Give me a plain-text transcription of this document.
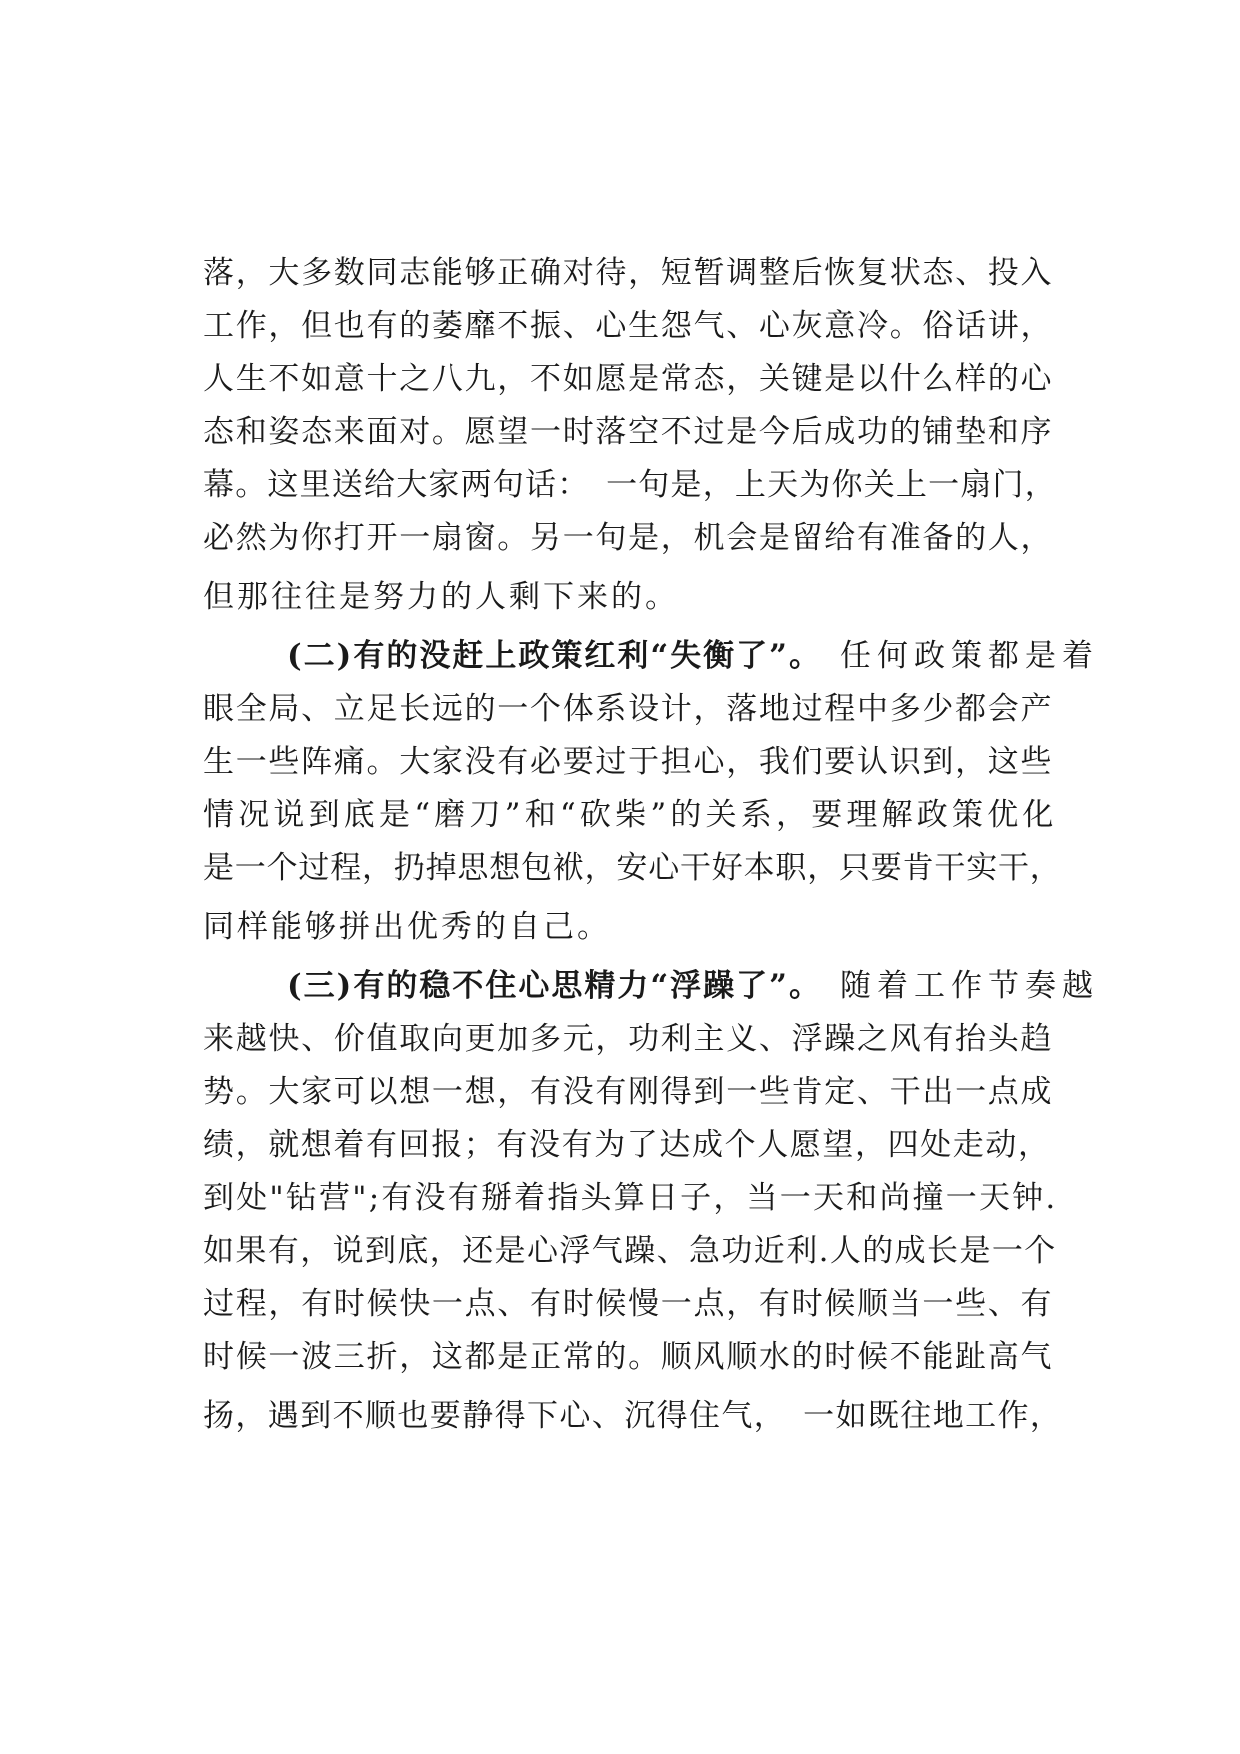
落，大多数同志能够正确对待，短暂调整后恢复状态、投入
工作，但也有的萎靡不振、心生怨气、心灰意冷。俗话讲，
人生不如意十之八九，不如愿是常态，关键是以什么样的心
态和姿态来面对。愿望一时落空不过是今后成功的铺垫和序
幕。这里送给大家两句话：　一句是，上天为你关上一扇门，
必然为你打开一扇窗。另一句是，机会是留给有准备的人，
但那往往是努力的人剩下来的。
(二)有的没赶上政策红利“失衡了”。 任何政策都是着
眼全局、立足长远的一个体系设计，落地过程中多少都会产
生一些阵痛。大家没有必要过于担心，我们要认识到，这些
情况说到底是“磨刀”和“砍柴”的关系，要理解政策优化
是一个过程，扔掉思想包袱，安心干好本职，只要肯干实干，
同样能够拼出优秀的自己。
(三)有的稳不住心思精力“浮躁了”。 随着工作节奏越
来越快、价值取向更加多元，功利主义、浮躁之风有抬头趋
势。大家可以想一想，有没有刚得到一些肯定、干出一点成
绩，就想着有回报；有没有为了达成个人愿望，四处走动，
到处"钻营";有没有掰着指头算日子，当一天和尚撞一天钟.
如果有，说到底，还是心浮气躁、急功近利.人的成长是一个
过程，有时候快一点、有时候慢一点，有时候顺当一些、有
时候一波三折，这都是正常的。顺风顺水的时候不能趾高气
扬，遇到不顺也要静得下心、沉得住气，　一如既往地工作，
